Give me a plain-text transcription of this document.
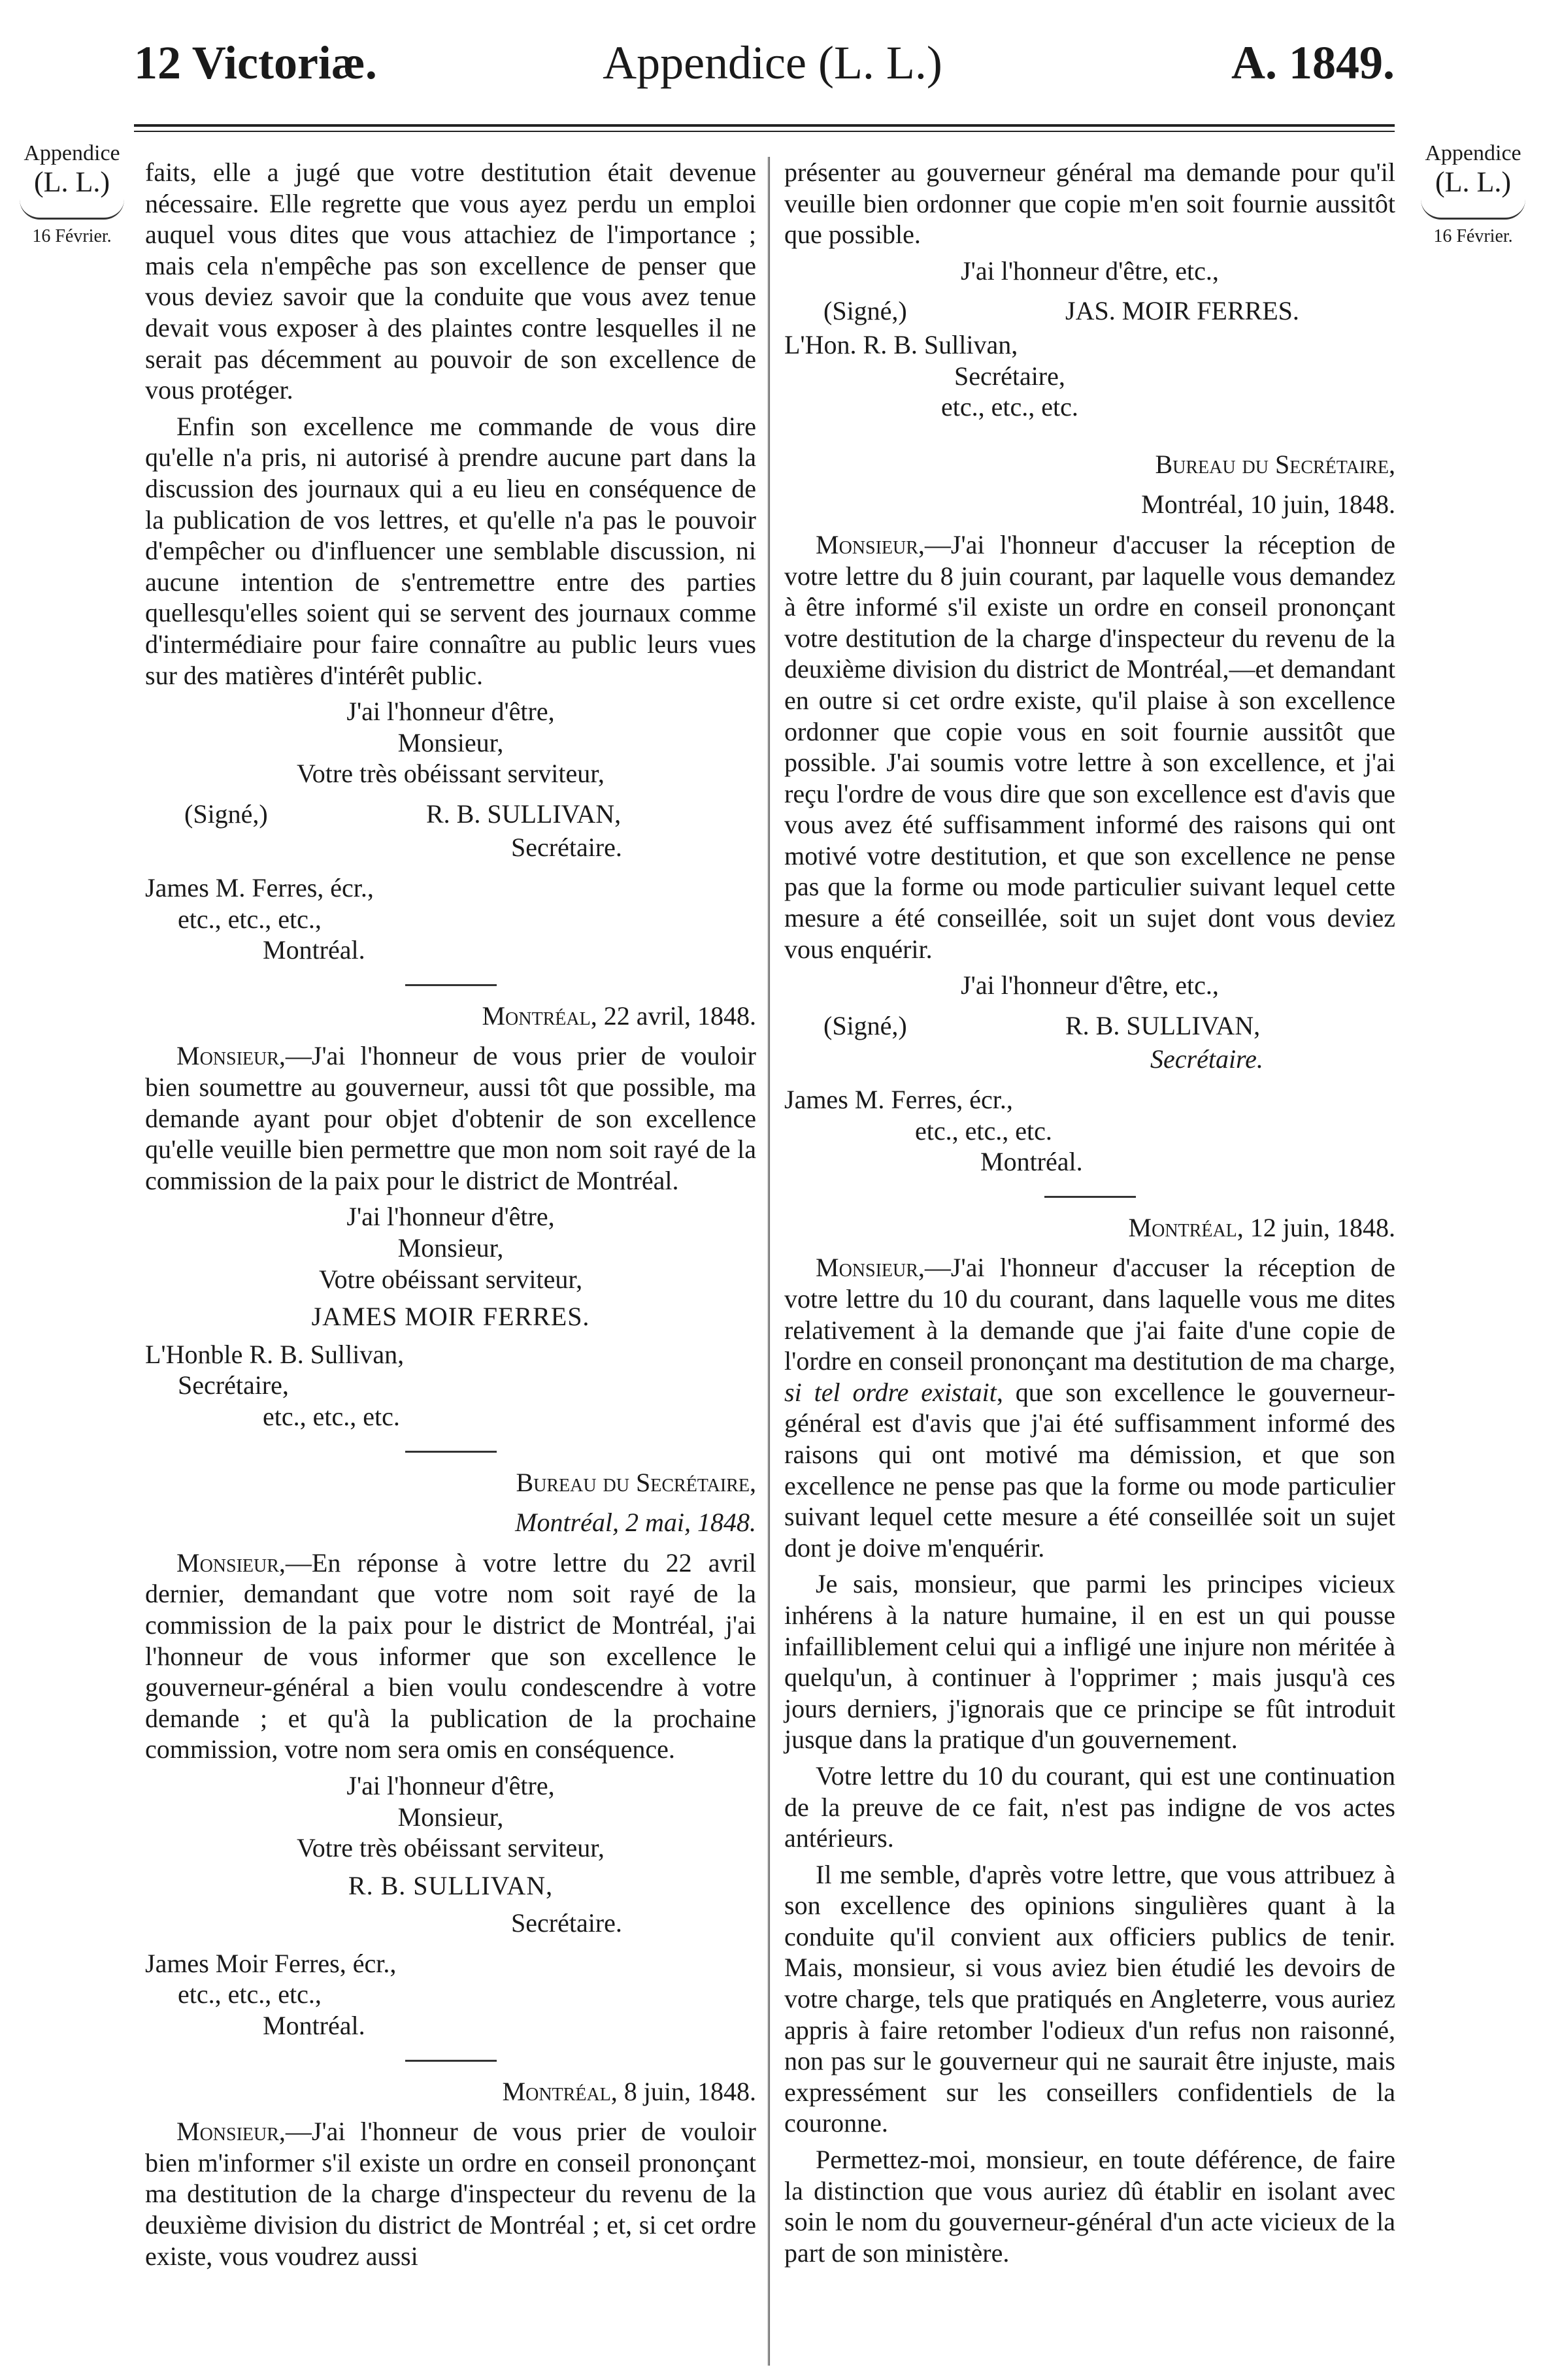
Appendice (L. L.)
12 Victoriæ.	A. 1849.
Appendice
(L. L.)
16 Février.
Appendice
(L. L.)
16 Février.

faits, elle a jugé que votre destitution était devenue nécessaire. Elle regrette que vous ayez perdu un emploi auquel vous dites que vous attachiez de l'importance ; mais cela n'empêche pas son excellence de penser que vous deviez savoir que la conduite que vous avez tenue devait vous exposer à des plaintes contre lesquelles il ne serait pas décemment au pouvoir de son excellence de vous protéger.

Enfin son excellence me commande de vous dire qu'elle n'a pris, ni autorisé à prendre aucune part dans la discussion des journaux qui a eu lieu en conséquence de la publication de vos lettres, et qu'elle n'a pas le pouvoir d'empêcher ou d'influencer une semblable discussion, ni aucune intention de s'entremettre entre des parties quellesqu'elles soient qui se servent des journaux comme d'intermédiaire pour faire connaître au public leurs vues sur des matières d'intérêt public.

J'ai l'honneur d'être,
Monsieur,
Votre très obéissant serviteur,
(Signé,)	R. B. SULLIVAN,
Secrétaire.
James M. Ferres, écr.,
etc., etc., etc.,
Montréal.
Montréal, 22 avril, 1848.

Monsieur,—J'ai l'honneur de vous prier de vouloir bien soumettre au gouverneur, aussi tôt que possible, ma demande ayant pour objet d'obtenir de son excellence qu'elle veuille bien permettre que mon nom soit rayé de la commission de la paix pour le district de Montréal.

J'ai l'honneur d'être,
Monsieur,
Votre obéissant serviteur,
JAMES MOIR FERRES.
L'Honble R. B. Sullivan,
Secrétaire,
etc., etc., etc.
Bureau du Secrétaire,
Montréal, 2 mai, 1848.

Monsieur,—En réponse à votre lettre du 22 avril dernier, demandant que votre nom soit rayé de la commission de la paix pour le district de Montréal, j'ai l'honneur de vous informer que son excellence le gouverneur-général a bien voulu condescendre à votre demande ; et qu'à la publication de la prochaine commission, votre nom sera omis en conséquence.

J'ai l'honneur d'être,
Monsieur,
Votre très obéissant serviteur,
R. B. SULLIVAN,
Secrétaire.
James Moir Ferres, écr.,
etc., etc., etc.,
Montréal.
Montréal, 8 juin, 1848.

Monsieur,—J'ai l'honneur de vous prier de vouloir bien m'informer s'il existe un ordre en conseil prononçant ma destitution de la charge d'inspecteur du revenu de la deuxième division du district de Montréal ; et, si cet ordre existe, vous voudrez aussi

présenter au gouverneur général ma demande pour qu'il veuille bien ordonner que copie m'en soit fournie aussitôt que possible.

J'ai l'honneur d'être, etc.,
(Signé,)	JAS. MOIR FERRES.
L'Hon. R. B. Sullivan,
Secrétaire,
etc., etc., etc.
Bureau du Secrétaire,
Montréal, 10 juin, 1848.

Monsieur,—J'ai l'honneur d'accuser la réception de votre lettre du 8 juin courant, par laquelle vous demandez à être informé s'il existe un ordre en conseil prononçant votre destitution de la charge d'inspecteur du revenu de la deuxième division du district de Montréal,—et demandant en outre si cet ordre existe, qu'il plaise à son excellence ordonner que copie vous en soit fournie aussitôt que possible. J'ai soumis votre lettre à son excellence, et j'ai reçu l'ordre de vous dire que son excellence est d'avis que vous avez été suffisamment informé des raisons qui ont motivé votre destitution, et que son excellence ne pense pas que la forme ou mode particulier suivant lequel cette mesure a été conseillée, soit un sujet dont vous deviez vous enquérir.

J'ai l'honneur d'être, etc.,
(Signé,)	R. B. SULLIVAN,
Secrétaire.
James M. Ferres, écr.,
etc., etc., etc.
Montréal.
Montréal, 12 juin, 1848.

Monsieur,—J'ai l'honneur d'accuser la réception de votre lettre du 10 du courant, dans laquelle vous me dites relativement à la demande que j'ai faite d'une copie de l'ordre en conseil prononçant ma destitution de ma charge, si tel ordre existait, que son excellence le gouverneur-général est d'avis que j'ai été suffisamment informé des raisons qui ont motivé ma démission, et que son excellence ne pense pas que la forme ou mode particulier suivant lequel cette mesure a été conseillée soit un sujet dont je doive m'enquérir.

Je sais, monsieur, que parmi les principes vicieux inhérens à la nature humaine, il en est un qui pousse infailliblement celui qui a infligé une injure non méritée à quelqu'un, à continuer à l'opprimer ; mais jusqu'à ces jours derniers, j'ignorais que ce principe se fût introduit jusque dans la pratique d'un gouvernement.

Votre lettre du 10 du courant, qui est une continuation de la preuve de ce fait, n'est pas indigne de vos actes antérieurs.

Il me semble, d'après votre lettre, que vous attribuez à son excellence des opinions singulières quant à la conduite qu'il convient aux officiers publics de tenir. Mais, monsieur, si vous aviez bien étudié les devoirs de votre charge, tels que pratiqués en Angleterre, vous auriez appris à faire retomber l'odieux d'un refus non raisonné, non pas sur le gouverneur qui ne saurait être injuste, mais expressément sur les conseillers confidentiels de la couronne.

Permettez-moi, monsieur, en toute déférence, de faire la distinction que vous auriez dû établir en isolant avec soin le nom du gouverneur-général d'un acte vicieux de la part de son ministère.
